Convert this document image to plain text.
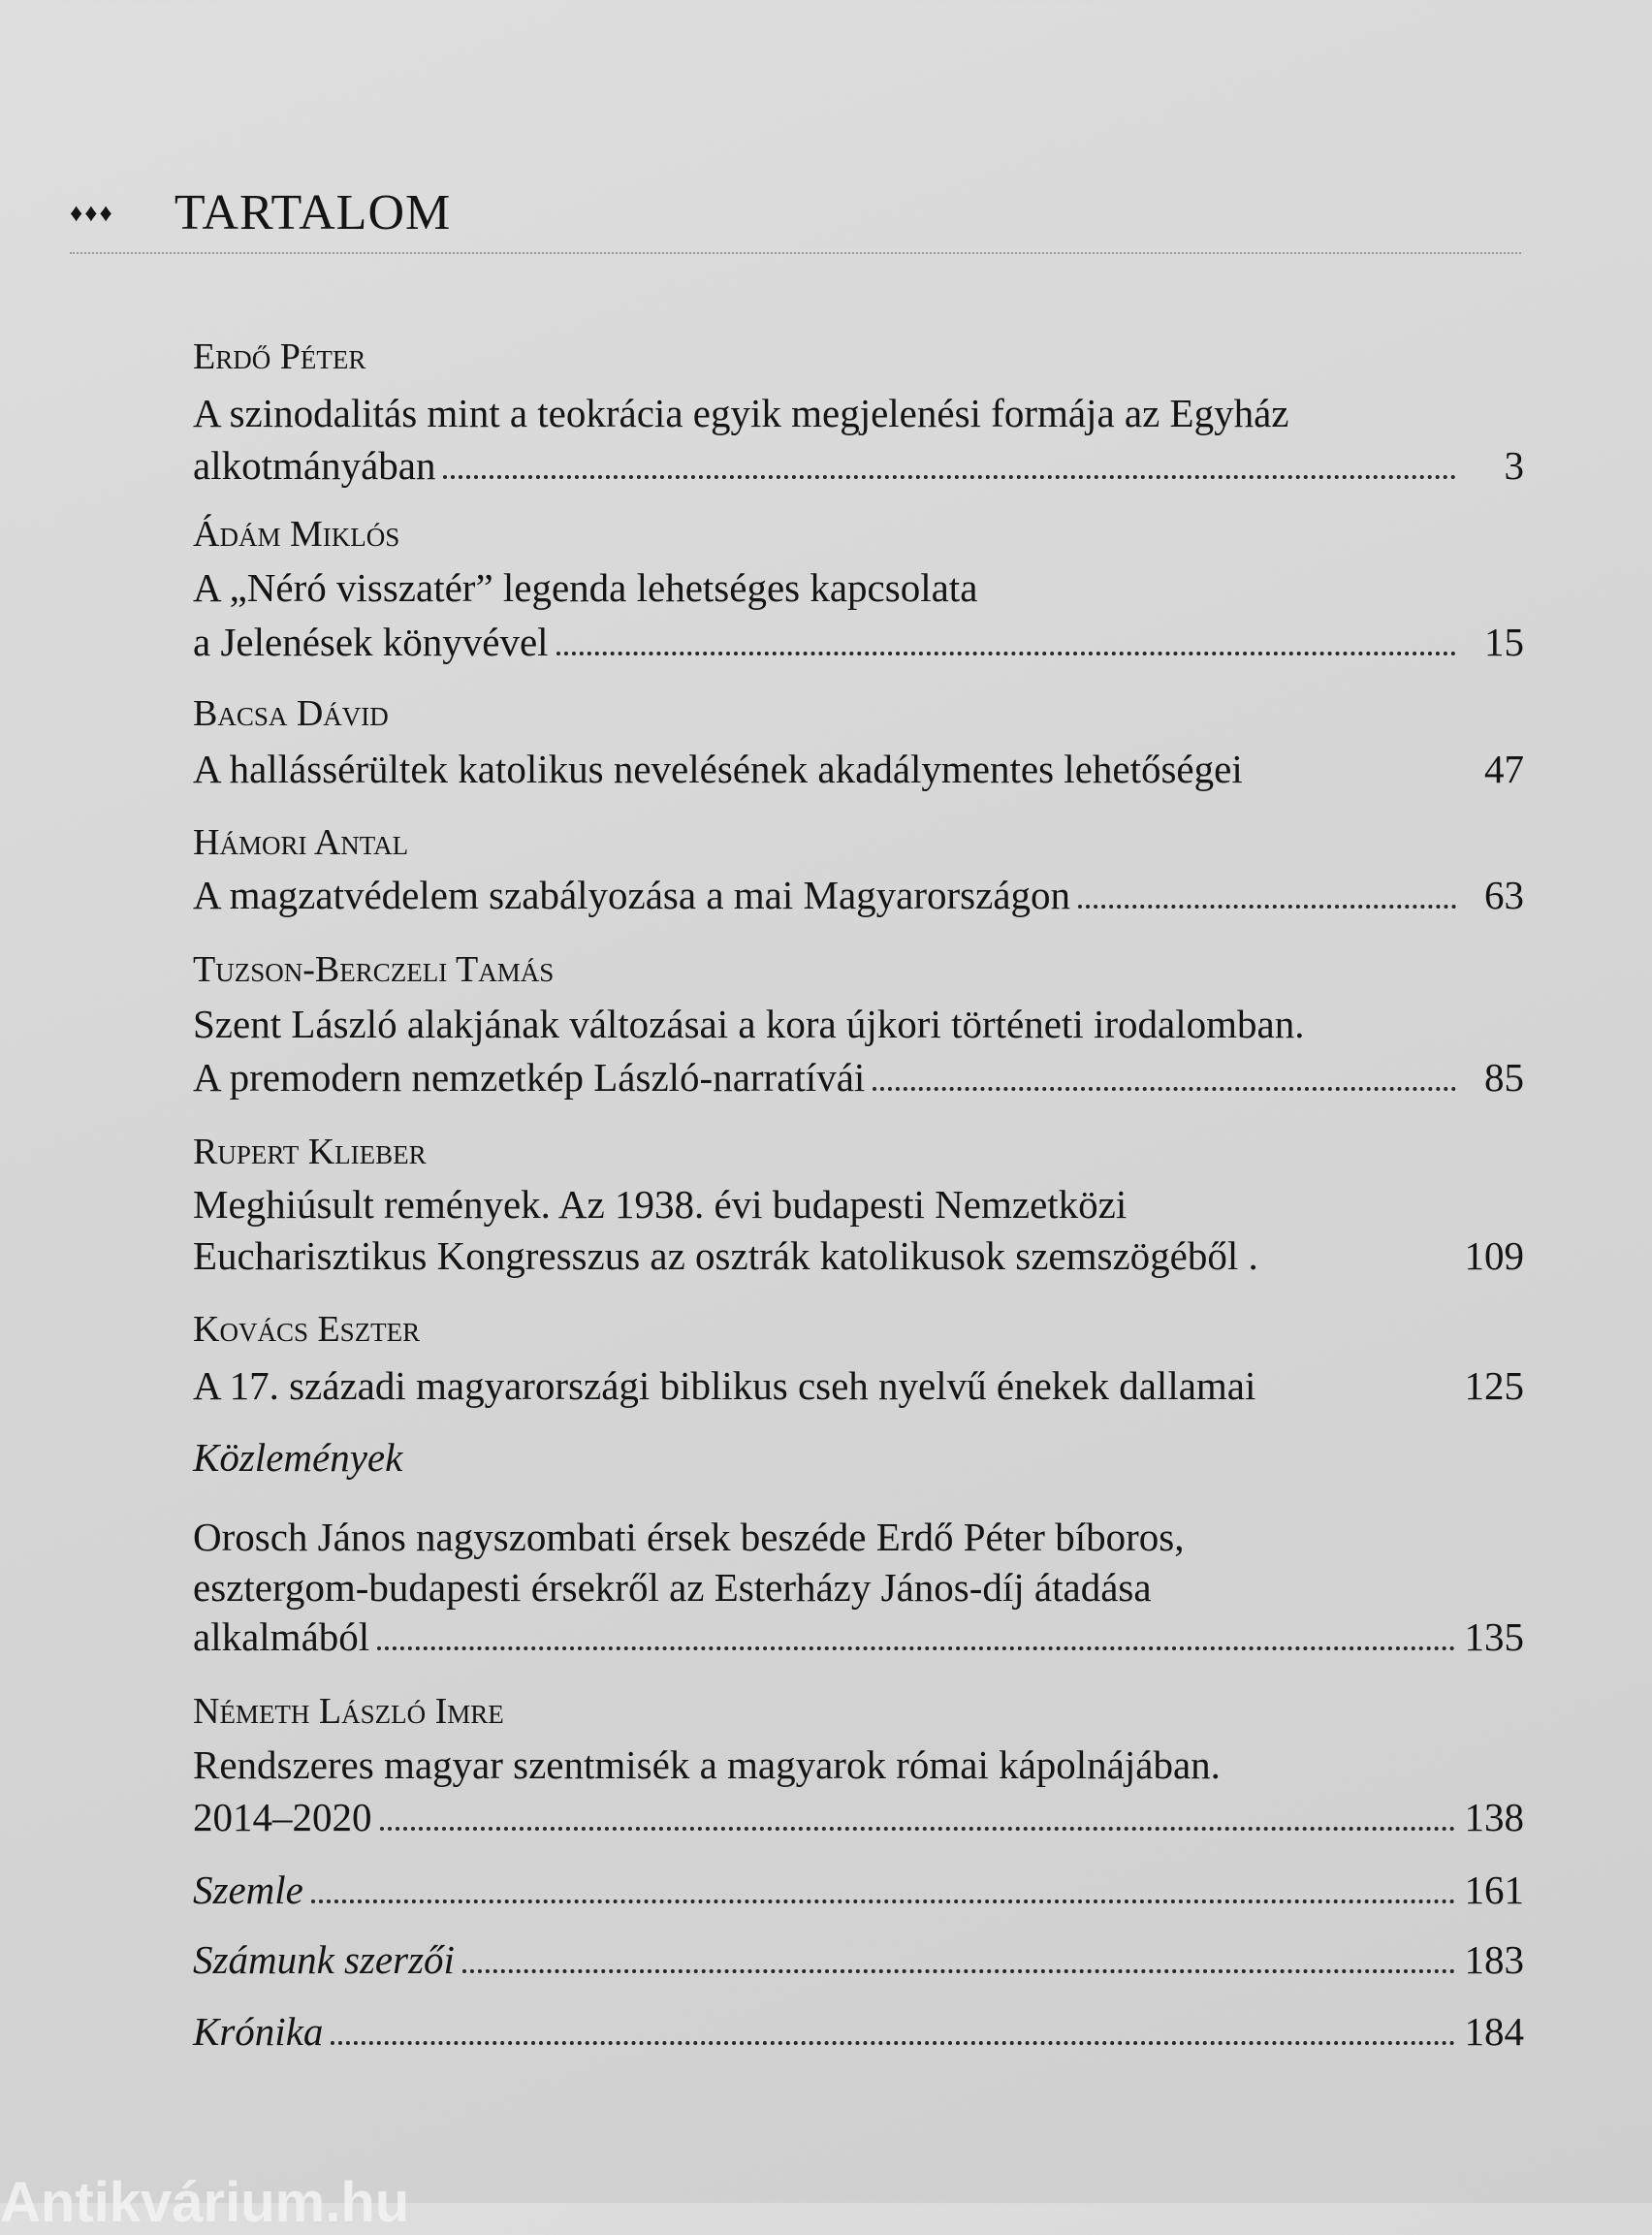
♦♦♦ TARTALOM
Erdő Péter
A szinodalitás mint a teokrácia egyik megjelenési formája az Egyház
alkotmányában	3
Ádám Miklós
A „Néró visszatér” legenda lehetséges kapcsolata
a Jelenések könyvével	15
Bacsa Dávid
A hallássérültek katolikus nevelésének akadálymentes lehetőségei	47
Hámori Antal
A magzatvédelem szabályozása a mai Magyarországon	63
Tuzson-Berczeli Tamás
Szent László alakjának változásai a kora újkori történeti irodalomban.
A premodern nemzetkép László-narratívái	85
Rupert Klieber
Meghiúsult remények. Az 1938. évi budapesti Nemzetközi
Eucharisztikus Kongresszus az osztrák katolikusok szemszögéből .	109
Kovács Eszter
A 17. századi magyarországi biblikus cseh nyelvű énekek dallamai	125
Közlemények
Orosch János nagyszombati érsek beszéde Erdő Péter bíboros,
esztergom-budapesti érsekről az Esterházy János-díj átadása
alkalmából	135
Németh László Imre
Rendszeres magyar szentmisék a magyarok római kápolnájában.
2014–2020	138
Szemle	161
Számunk szerzői	183
Krónika	184
Antikvárium.hu
